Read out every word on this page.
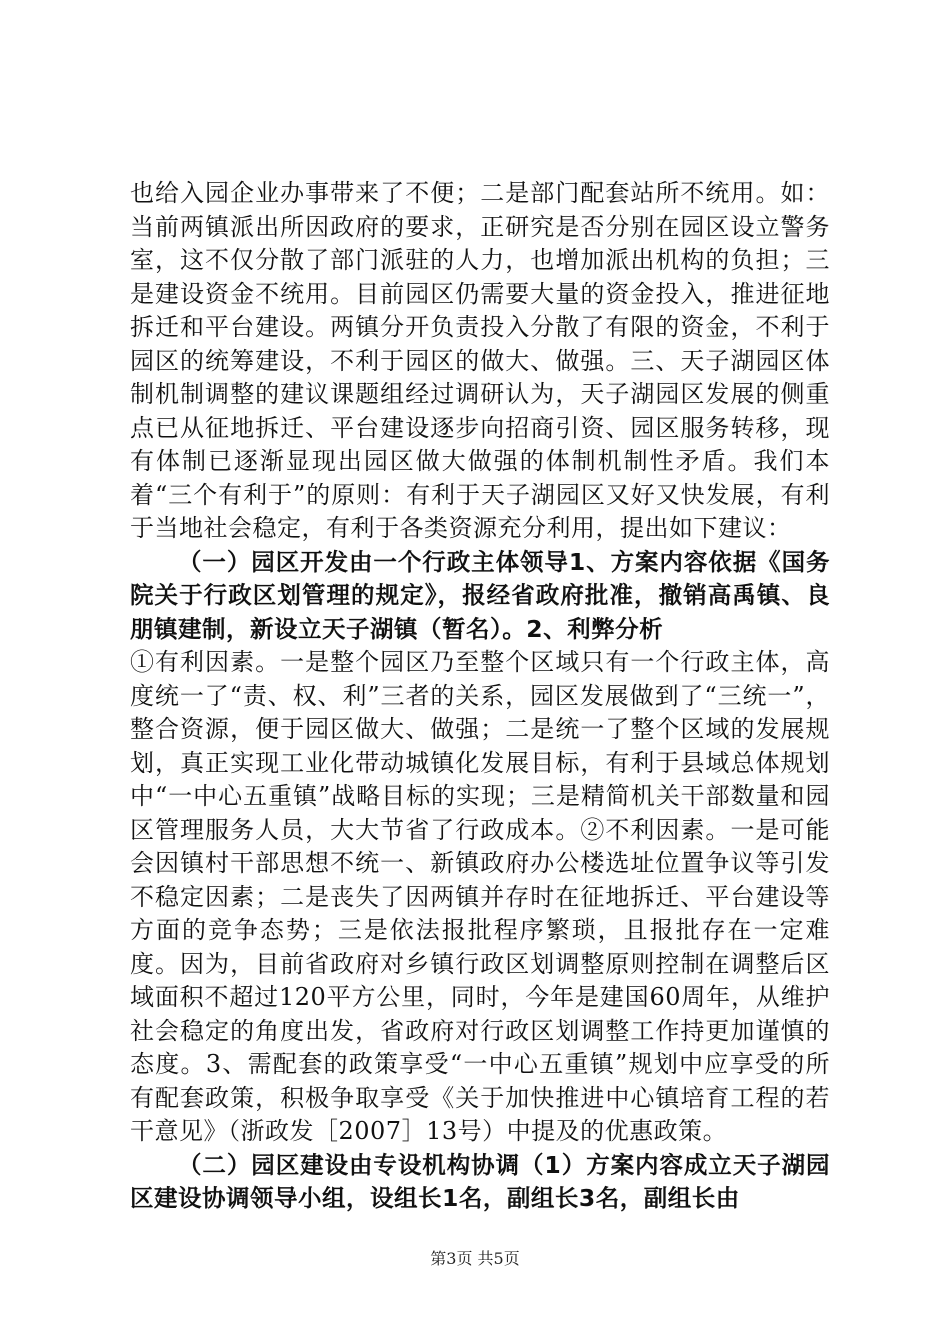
也给入园企业办事带来了不便；二是部门配套站所不统用。如：当前两镇派出所因政府的要求，正研究是否分别在园区设立警务室，这不仅分散了部门派驻的人力，也增加派出机构的负担；三是建设资金不统用。目前园区仍需要大量的资金投入，推进征地拆迁和平台建设。两镇分开负责投入分散了有限的资金，不利于园区的统筹建设，不利于园区的做大、做强。三、天子湖园区体制机制调整的建议课题组经过调研认为，天子湖园区发展的侧重点已从征地拆迁、平台建设逐步向招商引资、园区服务转移，现有体制已逐渐显现出园区做大做强的体制机制性矛盾。我们本着“三个有利于”的原则：有利于天子湖园区又好又快发展，有利于当地社会稳定，有利于各类资源充分利用，提出如下建议：

（一）园区开发由一个行政主体领导1、方案内容依据《国务院关于行政区划管理的规定》，报经省政府批准，撤销高禹镇、良朋镇建制，新设立天子湖镇（暂名）。2、利弊分析

①有利因素。一是整个园区乃至整个区域只有一个行政主体，高度统一了“责、权、利”三者的关系，园区发展做到了“三统一”，整合资源，便于园区做大、做强；二是统一了整个区域的发展规划，真正实现工业化带动城镇化发展目标，有利于县域总体规划中“一中心五重镇”战略目标的实现；三是精简机关干部数量和园区管理服务人员，大大节省了行政成本。②不利因素。一是可能会因镇村干部思想不统一、新镇政府办公楼选址位置争议等引发不稳定因素；二是丧失了因两镇并存时在征地拆迁、平台建设等方面的竞争态势；三是依法报批程序繁琐，且报批存在一定难度。因为，目前省政府对乡镇行政区划调整原则控制在调整后区域面积不超过120平方公里，同时，今年是建国60周年，从维护社会稳定的角度出发，省政府对行政区划调整工作持更加谨慎的态度。3、需配套的政策享受“一中心五重镇”规划中应享受的所有配套政策，积极争取享受《关于加快推进中心镇培育工程的若干意见》（浙政发［2007］13号）中提及的优惠政策。

（二）园区建设由专设机构协调（1）方案内容成立天子湖园区建设协调领导小组，设组长1名，副组长3名，副组长由

第3页 共5页
